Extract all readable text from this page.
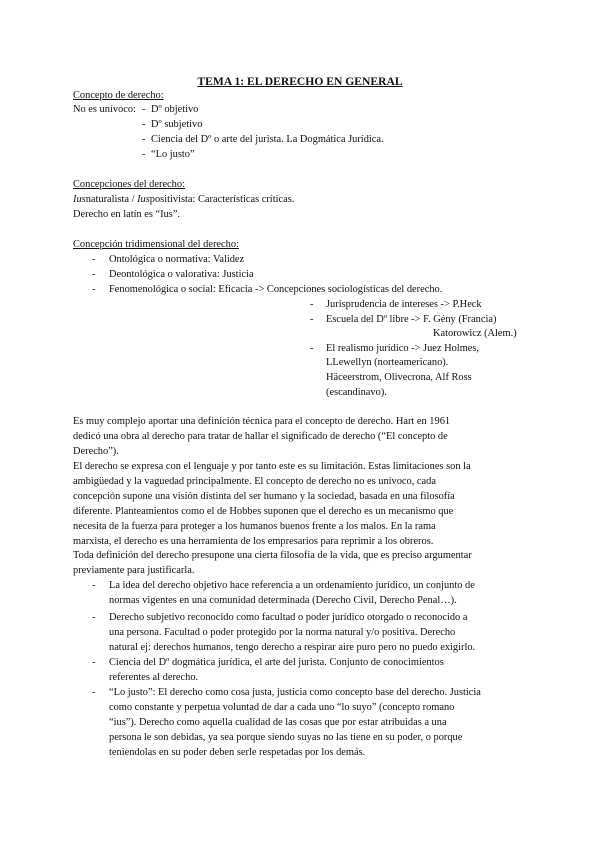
TEMA 1: EL DERECHO EN GENERAL
Concepto de derecho:
No es unívoco: - Dº objetivo
- Dº subjetivo
- Ciencia del Dº o arte del jurista. La Dogmática Jurídica.
- “Lo justo”
Concepciones del derecho:
Iusnaturalista / Iuspositivista: Características críticas.
Derecho en latín es “Ius”.
Concepción tridimensional del derecho:
- Ontológica o normativa: Validez
- Deontológica o valorativa: Justicia
- Fenomenológica o social: Eficacia -> Concepciones sociologísticas del derecho.
- Jurisprudencia de intereses -> P.Heck
- Escuela del Dº libre -> F. Gény (Francia)
Katorowicz (Alem.)
- El realismo jurídico -> Juez Holmes,
LLewellyn (norteamericano).
Häceerstrom, Olivecrona, Alf Ross
(escandinavo).
Es muy complejo aportar una definición técnica para el concepto de derecho. Hart en 1961
dedicó una obra al derecho para tratar de hallar el significado de derecho (“El concepto de
Derecho”).
El derecho se expresa con el lenguaje y por tanto este es su limitación. Estas limitaciones son la
ambigüedad y la vaguedad principalmente. El concepto de derecho no es unívoco, cada
concepción supone una visión distinta del ser humano y la sociedad, basada en una filosofía
diferente. Planteamientos como el de Hobbes suponen que el derecho es un mecanismo que
necesita de la fuerza para proteger a los humanos buenos frente a los malos. En la rama
marxista, el derecho es una herramienta de los empresarios para reprimir a los obreros.
Toda definición del derecho presupone una cierta filosofía de la vida, que es preciso argumentar
previamente para justificarla.
- La idea del derecho objetivo hace referencia a un ordenamiento jurídico, un conjunto de
normas vigentes en una comunidad determinada (Derecho Civil, Derecho Penal…).
- Derecho subjetivo reconocido como facultad o poder jurídico otorgado o reconocido a
una persona. Facultad o poder protegido por la norma natural y/o positiva. Derecho
natural ej: derechos humanos, tengo derecho a respirar aire puro pero no puedo exigirlo.
- Ciencia del Dº dogmática jurídica, el arte del jurista. Conjunto de conocimientos
referentes al derecho.
- “Lo justo”: El derecho como cosa justa, justicia como concepto base del derecho. Justicia
como constante y perpetua voluntad de dar a cada uno “lo suyo” (concepto romano
“ius”). Derecho como aquella cualidad de las cosas que por estar atribuidas a una
persona le son debidas, ya sea porque siendo suyas no las tiene en su poder, o porque
teniendolas en su poder deben serle respetadas por los demás.
